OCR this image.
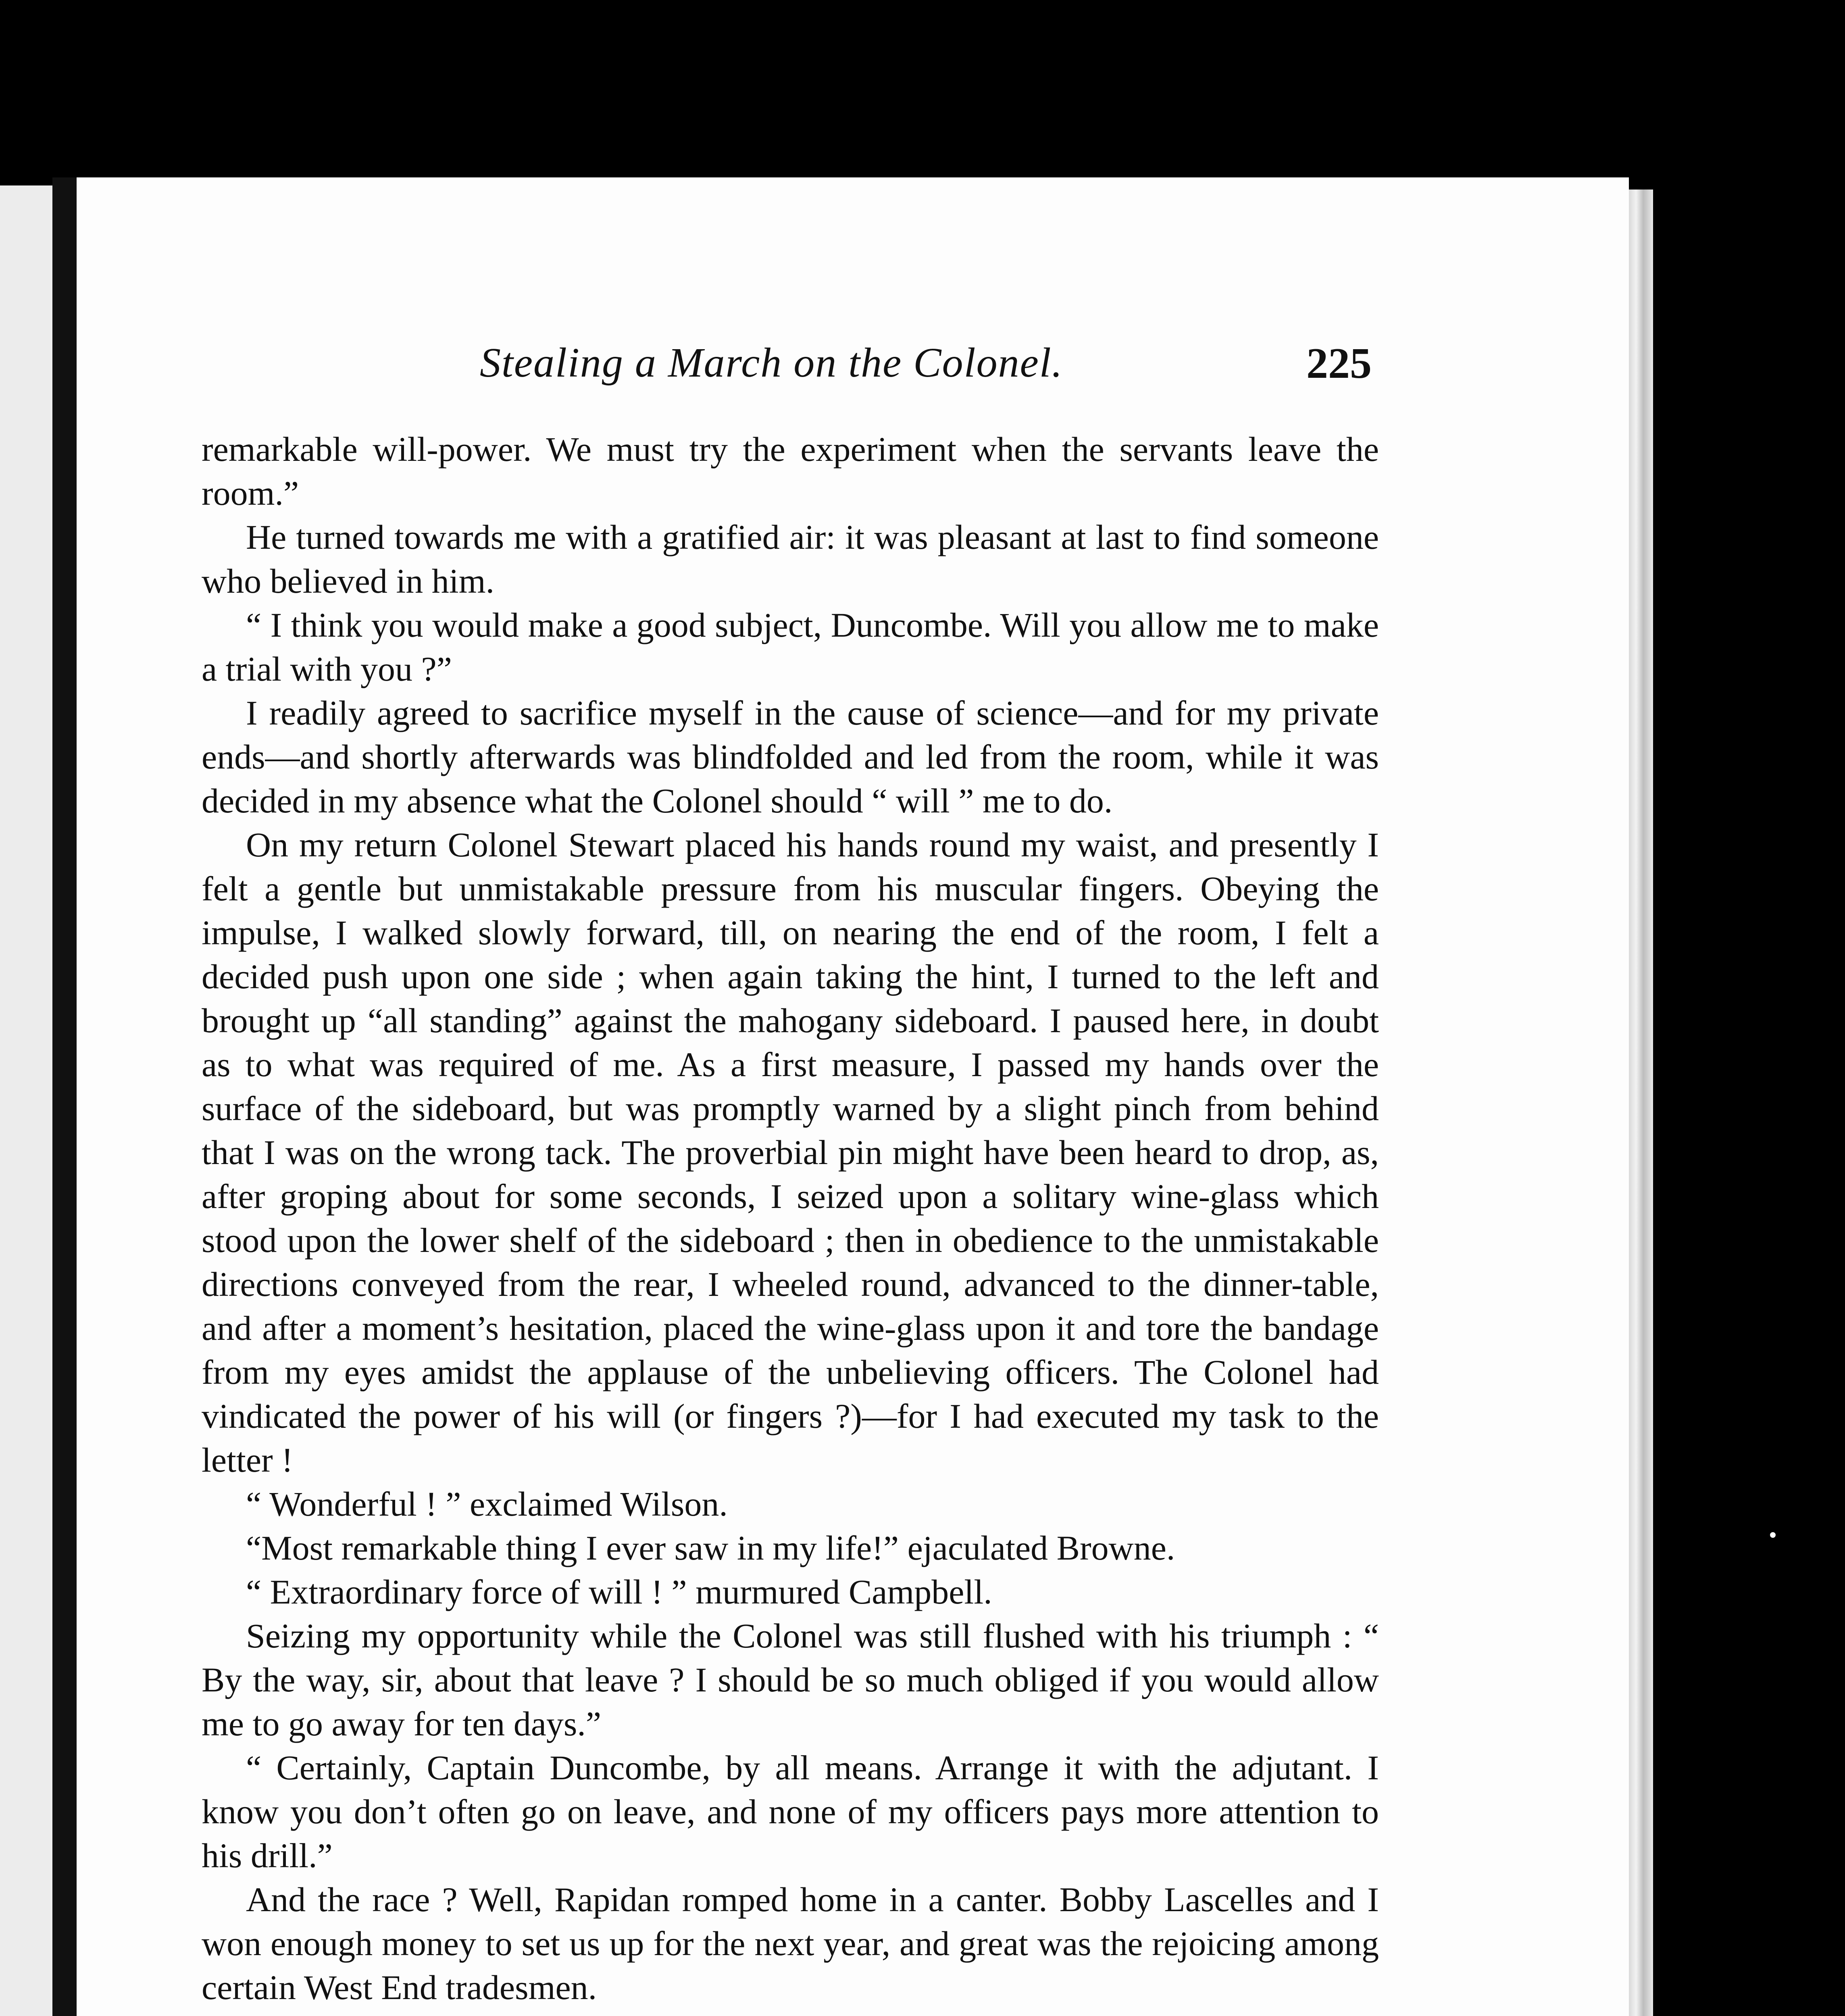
Stealing a March on the Colonel.	225

remarkable will-power. We must try the experiment when the servants leave the room.”

He turned towards me with a gratified air: it was pleasant at last to find someone who believed in him.

“ I think you would make a good subject, Duncombe. Will you allow me to make a trial with you ?”

I readily agreed to sacrifice myself in the cause of science—and for my private ends—and shortly afterwards was blindfolded and led from the room, while it was decided in my absence what the Colonel should “ will ” me to do.

On my return Colonel Stewart placed his hands round my waist, and presently I felt a gentle but unmistakable pressure from his muscular fingers. Obeying the impulse, I walked slowly forward, till, on nearing the end of the room, I felt a decided push upon one side ; when again taking the hint, I turned to the left and brought up “all standing” against the mahogany sideboard. I paused here, in doubt as to what was required of me. As a first measure, I passed my hands over the surface of the sideboard, but was promptly warned by a slight pinch from behind that I was on the wrong tack. The proverbial pin might have been heard to drop, as, after groping about for some seconds, I seized upon a solitary wine-glass which stood upon the lower shelf of the sideboard ; then in obedience to the unmistakable directions conveyed from the rear, I wheeled round, advanced to the dinner-table, and after a moment’s hesitation, placed the wine-glass upon it and tore the bandage from my eyes amidst the applause of the unbelieving officers. The Colonel had vindicated the power of his will (or fingers ?)—for I had executed my task to the letter !

“ Wonderful ! ” exclaimed Wilson.

“Most remarkable thing I ever saw in my life!” ejaculated Browne.

“ Extraordinary force of will ! ” murmured Campbell.

Seizing my opportunity while the Colonel was still flushed with his triumph : “ By the way, sir, about that leave ? I should be so much obliged if you would allow me to go away for ten days.”

“ Certainly, Captain Duncombe, by all means. Arrange it with the adjutant. I know you don’t often go on leave, and none of my officers pays more attention to his drill.”

And the race ? Well, Rapidan romped home in a canter. Bobby Lascelles and I won enough money to set us up for the next year, and great was the rejoicing among certain West End tradesmen.
